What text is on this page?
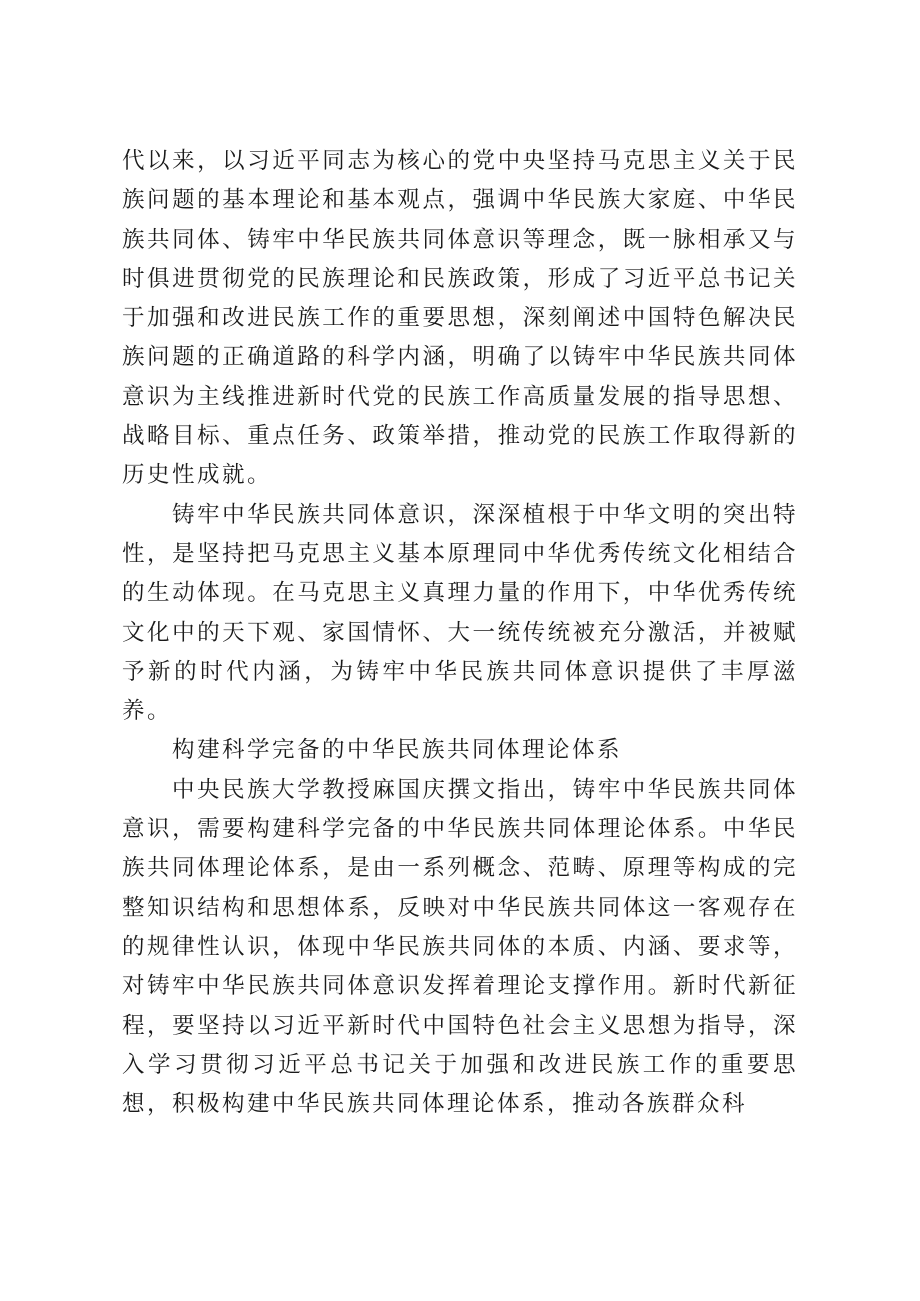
代以来，以习近平同志为核心的党中央坚持马克思主义关于民族问题的基本理论和基本观点，强调中华民族大家庭、中华民族共同体、铸牢中华民族共同体意识等理念，既一脉相承又与时俱进贯彻党的民族理论和民族政策，形成了习近平总书记关于加强和改进民族工作的重要思想，深刻阐述中国特色解决民族问题的正确道路的科学内涵，明确了以铸牢中华民族共同体意识为主线推进新时代党的民族工作高质量发展的指导思想、战略目标、重点任务、政策举措，推动党的民族工作取得新的历史性成就。

铸牢中华民族共同体意识，深深植根于中华文明的突出特性，是坚持把马克思主义基本原理同中华优秀传统文化相结合的生动体现。在马克思主义真理力量的作用下，中华优秀传统文化中的天下观、家国情怀、大一统传统被充分激活，并被赋予新的时代内涵，为铸牢中华民族共同体意识提供了丰厚滋养。

构建科学完备的中华民族共同体理论体系

中央民族大学教授麻国庆撰文指出，铸牢中华民族共同体意识，需要构建科学完备的中华民族共同体理论体系。中华民族共同体理论体系，是由一系列概念、范畴、原理等构成的完整知识结构和思想体系，反映对中华民族共同体这一客观存在的规律性认识，体现中华民族共同体的本质、内涵、要求等，对铸牢中华民族共同体意识发挥着理论支撑作用。新时代新征程，要坚持以习近平新时代中国特色社会主义思想为指导，深入学习贯彻习近平总书记关于加强和改进民族工作的重要思想，积极构建中华民族共同体理论体系，推动各族群众科
